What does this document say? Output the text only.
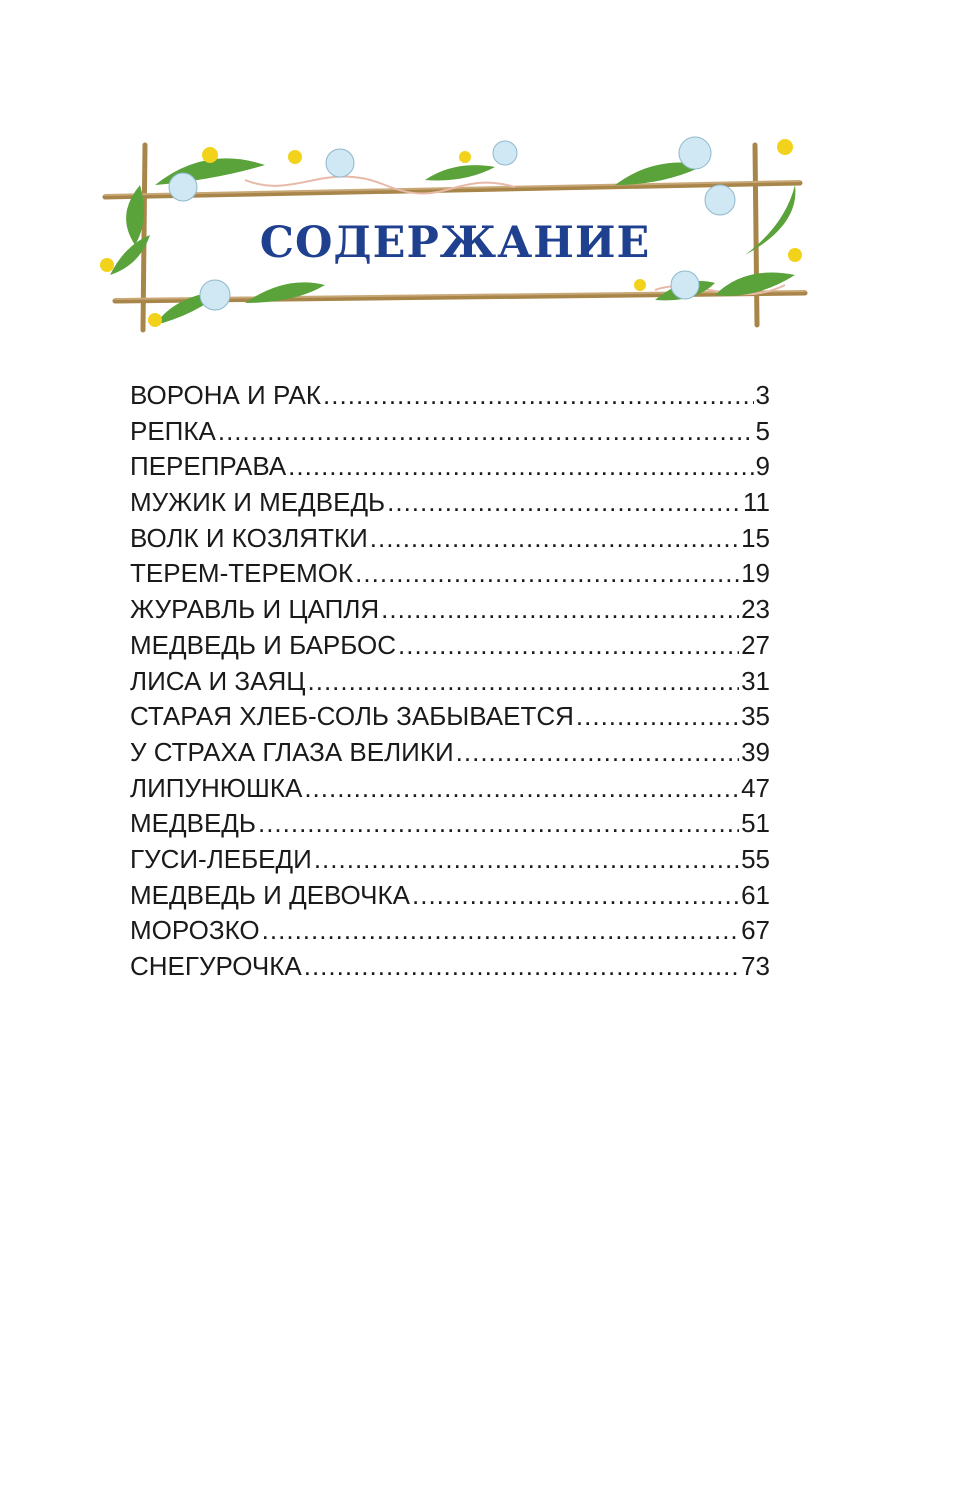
СОДЕРЖАНИЕ
ВОРОНА И РАК .....	3
РЕПКА .....	5
ПЕРЕПРАВА .....	9
МУЖИК И МЕДВЕДЬ .....	11
ВОЛК И КОЗЛЯТКИ .....	15
ТЕРЕМ-ТЕРЕМОК .....	19
ЖУРАВЛЬ И ЦАПЛЯ .....	23
МЕДВЕДЬ И БАРБОС .....	27
ЛИСА И ЗАЯЦ .....	31
СТАРАЯ ХЛЕБ-СОЛЬ ЗАБЫВАЕТСЯ .....	35
У СТРАХА ГЛАЗА ВЕЛИКИ .....	39
ЛИПУНЮШКА .....	47
МЕДВЕДЬ .....	51
ГУСИ-ЛЕБЕДИ .....	55
МЕДВЕДЬ И ДЕВОЧКА .....	61
МОРОЗКО .....	67
СНЕГУРОЧКА .....	73
